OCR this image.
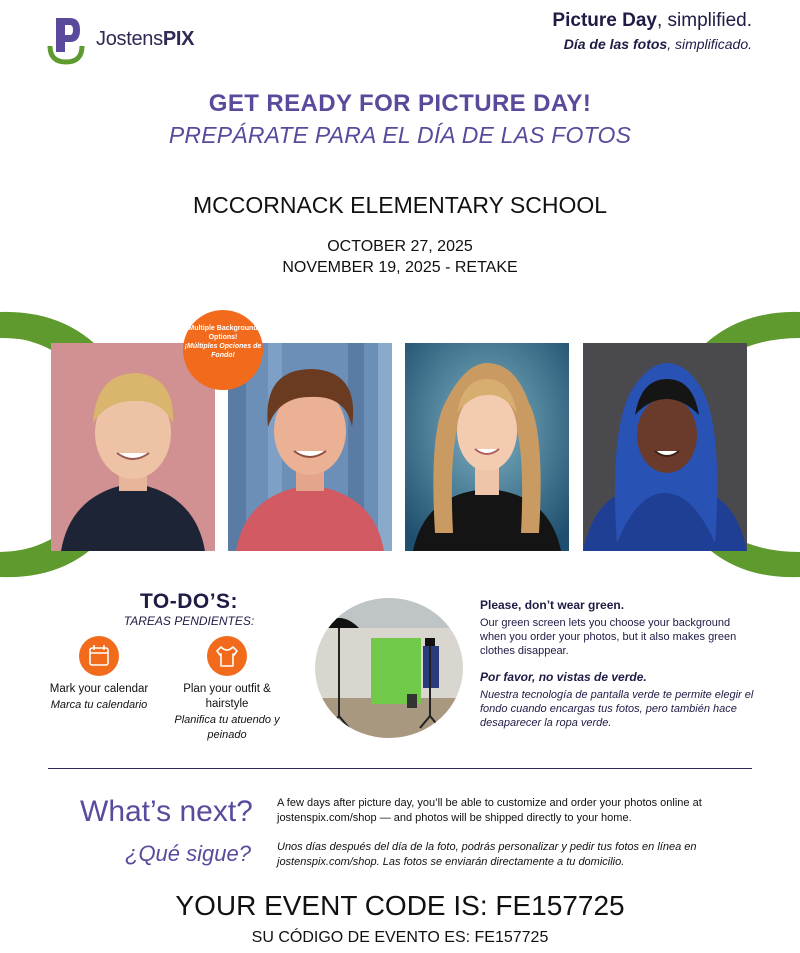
JostensPIX
Picture Day, simplified.
Día de las fotos, simplificado.
GET READY FOR PICTURE DAY!
PREPÁRATE PARA EL DÍA DE LAS FOTOS
MCCORNACK ELEMENTARY SCHOOL
OCTOBER 27, 2025
NOVEMBER 19, 2025 - RETAKE
Multiple Background Options!
¡Múltiples Opciones de Fondo!
TO-DO’S:
TAREAS PENDIENTES:
Mark your calendar
Marca tu calendario
Plan your outfit & hairstyle
Planifica tu atuendo y peinado
Please, don’t wear green.
Our green screen lets you choose your background when you order your photos, but it also makes green clothes disappear.
Por favor, no vistas de verde.
Nuestra tecnología de pantalla verde te permite elegir el fondo cuando encargas tus fotos, pero también hace desaparecer la ropa verde.
What’s next?
¿Qué sigue?
A few days after picture day, you’ll be able to customize and order your photos online at jostenspix.com/shop — and photos will be shipped directly to your home.
Unos días después del día de la foto, podrás personalizar y pedir tus fotos en línea en jostenspix.com/shop. Las fotos se enviarán directamente a tu domicilio.
YOUR EVENT CODE IS: FE157725
SU CÓDIGO DE EVENTO ES: FE157725
